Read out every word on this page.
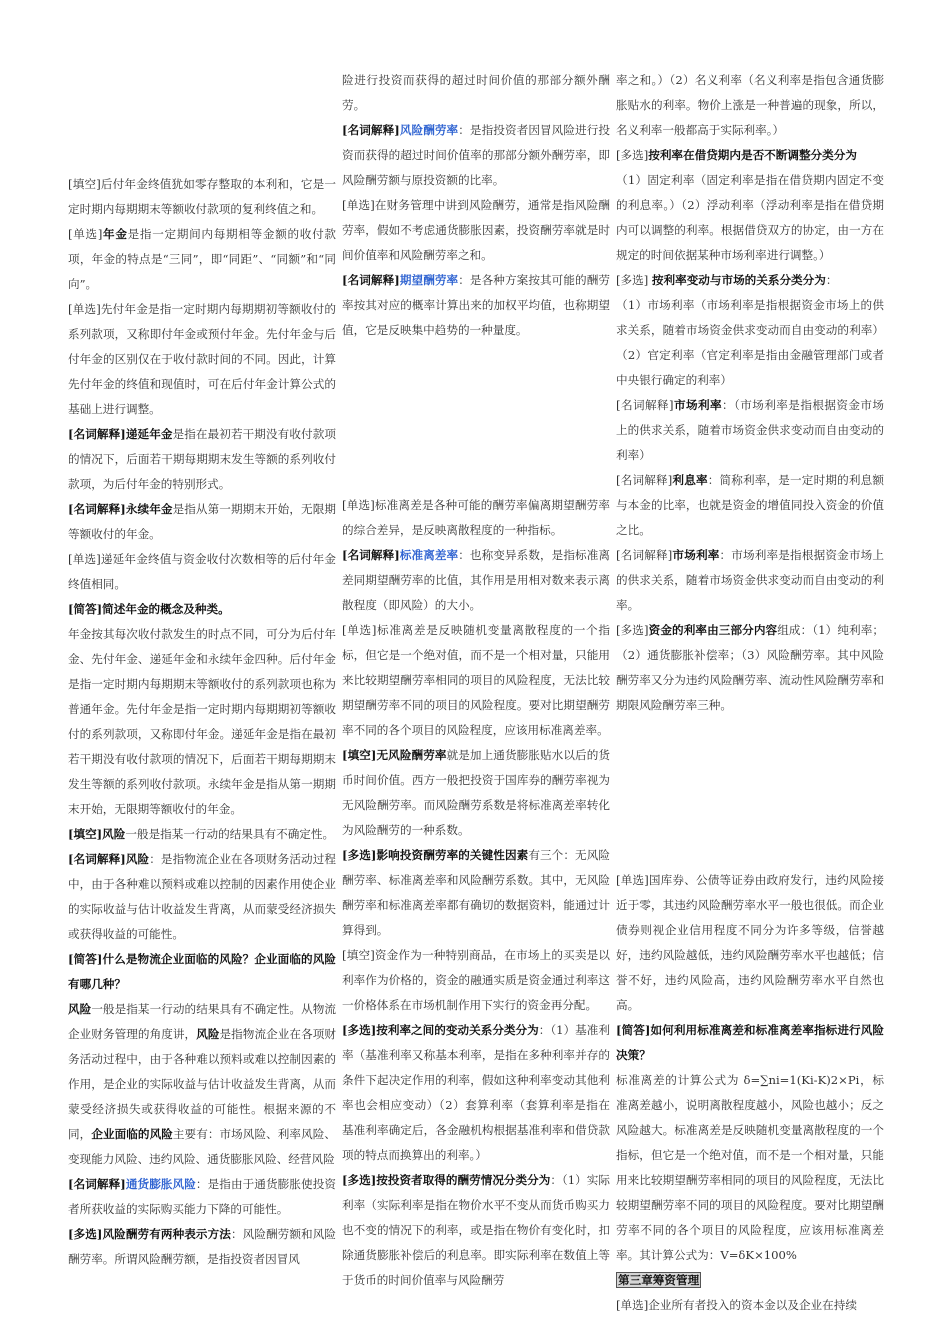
[填空]后付年金终值犹如零存整取的本利和，它是一定时期内每期期末等额收付款项的复利终值之和。

[单选]年金是指一定期间内每期相等金额的收付款项，年金的特点是“三同”，即“同距”、“同额”和“同向”。

[单选]先付年金是指一定时期内每期期初等额收付的系列款项，又称即付年金或预付年金。先付年金与后付年金的区别仅在于收付款时间的不同。因此，计算先付年金的终值和现值时，可在后付年金计算公式的基础上进行调整。

[名词解释]递延年金是指在最初若干期没有收付款项的情况下，后面若干期每期期末发生等额的系列收付款项，为后付年金的特别形式。

[名词解释]永续年金是指从第一期期末开始，无限期等额收付的年金。

[单选]递延年金终值与资金收付次数相等的后付年金终值相同。

[简答]简述年金的概念及种类。

年金按其每次收付款发生的时点不同，可分为后付年金、先付年金、递延年金和永续年金四种。后付年金是指一定时期内每期期末等额收付的系列款项也称为普通年金。先付年金是指一定时期内每期期初等额收付的系列款项，又称即付年金。递延年金是指在最初若干期没有收付款项的情况下，后面若干期每期期末发生等额的系列收付款项。永续年金是指从第一期期末开始，无限期等额收付的年金。

[填空]风险一般是指某一行动的结果具有不确定性。

[名词解释]风险：是指物流企业在各项财务活动过程中，由于各种难以预料或难以控制的因素作用使企业的实际收益与估计收益发生背离，从而蒙受经济损失或获得收益的可能性。

[简答]什么是物流企业面临的风险？企业面临的风险有哪几种？

风险一般是指某一行动的结果具有不确定性。从物流企业财务管理的角度讲，风险是指物流企业在各项财务活动过程中，由于各种难以预料或难以控制因素的作用，是企业的实际收益与估计收益发生背离，从而蒙受经济损失或获得收益的可能性。根据来源的不同，企业面临的风险主要有：市场风险、利率风险、变现能力风险、违约风险、通货膨胀风险、经营风险

[名词解释]通货膨胀风险：是指由于通货膨胀使投资者所获收益的实际购买能力下降的可能性。

[多选]风险酬劳有两种表示方法：风险酬劳额和风险酬劳率。所谓风险酬劳额，是指投资者因冒风

险进行投资而获得的超过时间价值的那部分额外酬劳。

[名词解释]风险酬劳率：是指投资者因冒风险进行投资而获得的超过时间价值率的那部分额外酬劳率，即风险酬劳额与原投资额的比率。

[单选]在财务管理中讲到风险酬劳，通常是指风险酬劳率，假如不考虑通货膨胀因素，投资酬劳率就是时间价值率和风险酬劳率之和。

[名词解释]期望酬劳率：是各种方案按其可能的酬劳率按其对应的概率计算出来的加权平均值，也称期望值，它是反映集中趋势的一种量度。

[单选]标准离差是各种可能的酬劳率偏离期望酬劳率的综合差异，是反映离散程度的一种指标。

[名词解释]标准离差率：也称变异系数，是指标准离差同期望酬劳率的比值，其作用是用相对数来表示离散程度（即风险）的大小。

[单选]标准离差是反映随机变量离散程度的一个指标，但它是一个绝对值，而不是一个相对量，只能用来比较期望酬劳率相同的项目的风险程度，无法比较期望酬劳率不同的项目的风险程度。要对比期望酬劳率不同的各个项目的风险程度，应该用标准离差率。

[填空]无风险酬劳率就是加上通货膨胀贴水以后的货币时间价值。西方一般把投资于国库券的酬劳率视为无风险酬劳率。而风险酬劳系数是将标准离差率转化为风险酬劳的一种系数。

[多选]影响投资酬劳率的关键性因素有三个：无风险酬劳率、标准离差率和风险酬劳系数。其中，无风险酬劳率和标准离差率都有确切的数据资料，能通过计算得到。

[填空]资金作为一种特别商品，在市场上的买卖是以利率作为价格的，资金的融通实质是资金通过利率这一价格体系在市场机制作用下实行的资金再分配。

[多选]按利率之间的变动关系分类分为：（1）基准利率（基准利率又称基本利率，是指在多种利率并存的条件下起决定作用的利率，假如这种利率变动其他利率也会相应变动）（2）套算利率（套算利率是指在基准利率确定后，各金融机构根据基准利率和借贷款项的特点而换算出的利率。）

[多选]按投资者取得的酬劳情况分类分为：（1）实际利率（实际利率是指在物价水平不变从而货币购买力也不变的情况下的利率，或是指在物价有变化时，扣除通货膨胀补偿后的利息率。即实际利率在数值上等于货币的时间价值率与风险酬劳

率之和。）（2）名义利率（名义利率是指包含通货膨胀贴水的利率。物价上涨是一种普遍的现象，所以，名义利率一般都高于实际利率。）

[多选]按利率在借贷期内是否不断调整分类分为

（1）固定利率（固定利率是指在借贷期内固定不变的利息率。）（2）浮动利率（浮动利率是指在借贷期内可以调整的利率。根据借贷双方的协定，由一方在规定的时间依据某种市场利率进行调整。）

[多选] 按利率变动与市场的关系分类分为：

（1）市场利率（市场利率是指根据资金市场上的供求关系，随着市场资金供求变动而自由变动的利率）（2）官定利率（官定利率是指由金融管理部门或者中央银行确定的利率）

[名词解释]市场利率：（市场利率是指根据资金市场上的供求关系，随着市场资金供求变动而自由变动的利率）

[名词解释]利息率：简称利率，是一定时期的利息额与本金的比率，也就是资金的增值同投入资金的价值之比。

[名词解释]市场利率：市场利率是指根据资金市场上的供求关系，随着市场资金供求变动而自由变动的利率。

[多选]资金的利率由三部分内容组成：（1）纯利率；（2）通货膨胀补偿率；（3）风险酬劳率。其中风险酬劳率又分为违约风险酬劳率、流动性风险酬劳率和期限风险酬劳率三种。

[单选]国库券、公债等证券由政府发行，违约风险接近于零，其违约风险酬劳率水平一般也很低。而企业债券则视企业信用程度不同分为许多等级，信誉越好，违约风险越低，违约风险酬劳率水平也越低；信誉不好，违约风险高，违约风险酬劳率水平自然也高。

[简答]如何利用标准离差和标准离差率指标进行风险决策？

标准离差的计算公式为 δ=∑ni=1(Ki-K)2×Pi，标准离差越小，说明离散程度越小，风险也越小；反之风险越大。标准离差是反映随机变量离散程度的一个指标，但它是一个绝对值，而不是一个相对量，只能用来比较期望酬劳率相同的项目的风险程度，无法比较期望酬劳率不同的项目的风险程度。要对比期望酬劳率不同的各个项目的风险程度，应该用标准离差率。其计算公式为：V=δK×100%

第三章筹资管理

[单选]企业所有者投入的资本金以及企业在持续
